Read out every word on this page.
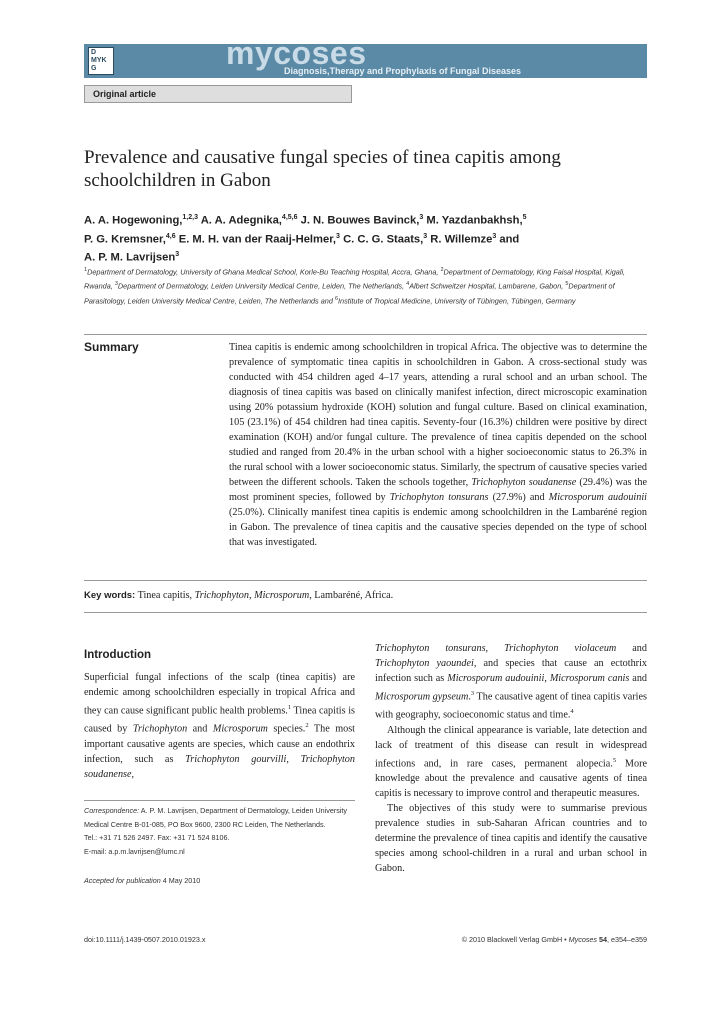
D
MYK
G	mycoses
Diagnosis,Therapy and Prophylaxis of Fungal Diseases
Original article
Prevalence and causative fungal species of tinea capitis among schoolchildren in Gabon
A. A. Hogewoning,$^{1,2,3}$ A. A. Adegnika,$^{4,5,6}$ J. N. Bouwes Bavinck,$^3$ M. Yazdanbakhsh,$^5$
P. G. Kremsner,$^{4,6}$ E. M. H. van der Raaij-Helmer,$^3$ C. C. G. Staats,$^3$ R. Willemze$^3$ and
A. P. M. Lavrijsen$^3$
$^1$Department of Dermatology, University of Ghana Medical School, Korle-Bu Teaching Hospital, Accra, Ghana, $^2$Department of Dermatology, King Faisal Hospital, Kigali, Rwanda, $^3$Department of Dermatology, Leiden University Medical Centre, Leiden, The Netherlands, $^4$Albert Schweitzer Hospital, Lambarene, Gabon, $^5$Department of Parasitology, Leiden University Medical Centre, Leiden, The Netherlands and $^6$Institute of Tropical Medicine, University of Tübingen, Tübingen, Germany
Summary	Tinea capitis is endemic among schoolchildren in tropical Africa. The objective was to determine the prevalence of symptomatic tinea capitis in schoolchildren in Gabon. A cross-sectional study was conducted with 454 children aged 4–17 years, attending a rural school and an urban school. The diagnosis of tinea capitis was based on clinically manifest infection, direct microscopic examination using 20% potassium hydroxide (KOH) solution and fungal culture. Based on clinical examination, 105 (23.1%) of 454 children had tinea capitis. Seventy-four (16.3%) children were positive by direct examination (KOH) and/or fungal culture. The prevalence of tinea capitis depended on the school studied and ranged from 20.4% in the urban school with a higher socioeconomic status to 26.3% in the rural school with a lower socioeconomic status. Similarly, the spectrum of causative species varied between the different schools. Taken the schools together, Trichophyton soudanense (29.4%) was the most prominent species, followed by Trichophyton tonsurans (27.9%) and Microsporum audouinii (25.0%). Clinically manifest tinea capitis is endemic among schoolchildren in the Lambaréné region in Gabon. The prevalence of tinea capitis and the causative species depended on the type of school that was investigated.
Key words: Tinea capitis, Trichophyton, Microsporum, Lambaréné, Africa.
Introduction

Superficial fungal infections of the scalp (tinea capitis) are endemic among schoolchildren especially in tropical Africa and they can cause significant public health problems.$^1$ Tinea capitis is caused by Trichophyton and Microsporum species.$^2$ The most important causative agents are species, which cause an endothrix infection, such as Trichophyton gourvilli, Trichophyton soudanense,

Trichophyton tonsurans, Trichophyton violaceum and Trichophyton yaoundei, and species that cause an ectothrix infection such as Microsporum audouinii, Microsporum canis and Microsporum gypseum.$^3$ The causative agent of tinea capitis varies with geography, socioeconomic status and time.$^4$

Although the clinical appearance is variable, late detection and lack of treatment of this disease can result in widespread infections and, in rare cases, permanent alopecia.$^5$ More knowledge about the prevalence and causative agents of tinea capitis is necessary to improve control and therapeutic measures.

The objectives of this study were to summarise previous prevalence studies in sub-Saharan African countries and to determine the prevalence of tinea capitis and identify the causative species among school-children in a rural and urban school in Gabon.

Correspondence: A. P. M. Lavrijsen, Department of Dermatology, Leiden University Medical Centre B-01-085, PO Box 9600, 2300 RC Leiden, The Netherlands.
Tel.: +31 71 526 2497. Fax: +31 71 524 8106.
E-mail: a.p.m.lavrijsen@lumc.nl
Accepted for publication 4 May 2010
doi:10.1111/j.1439-0507.2010.01923.x	© 2010 Blackwell Verlag GmbH • Mycoses 54, e354–e359
